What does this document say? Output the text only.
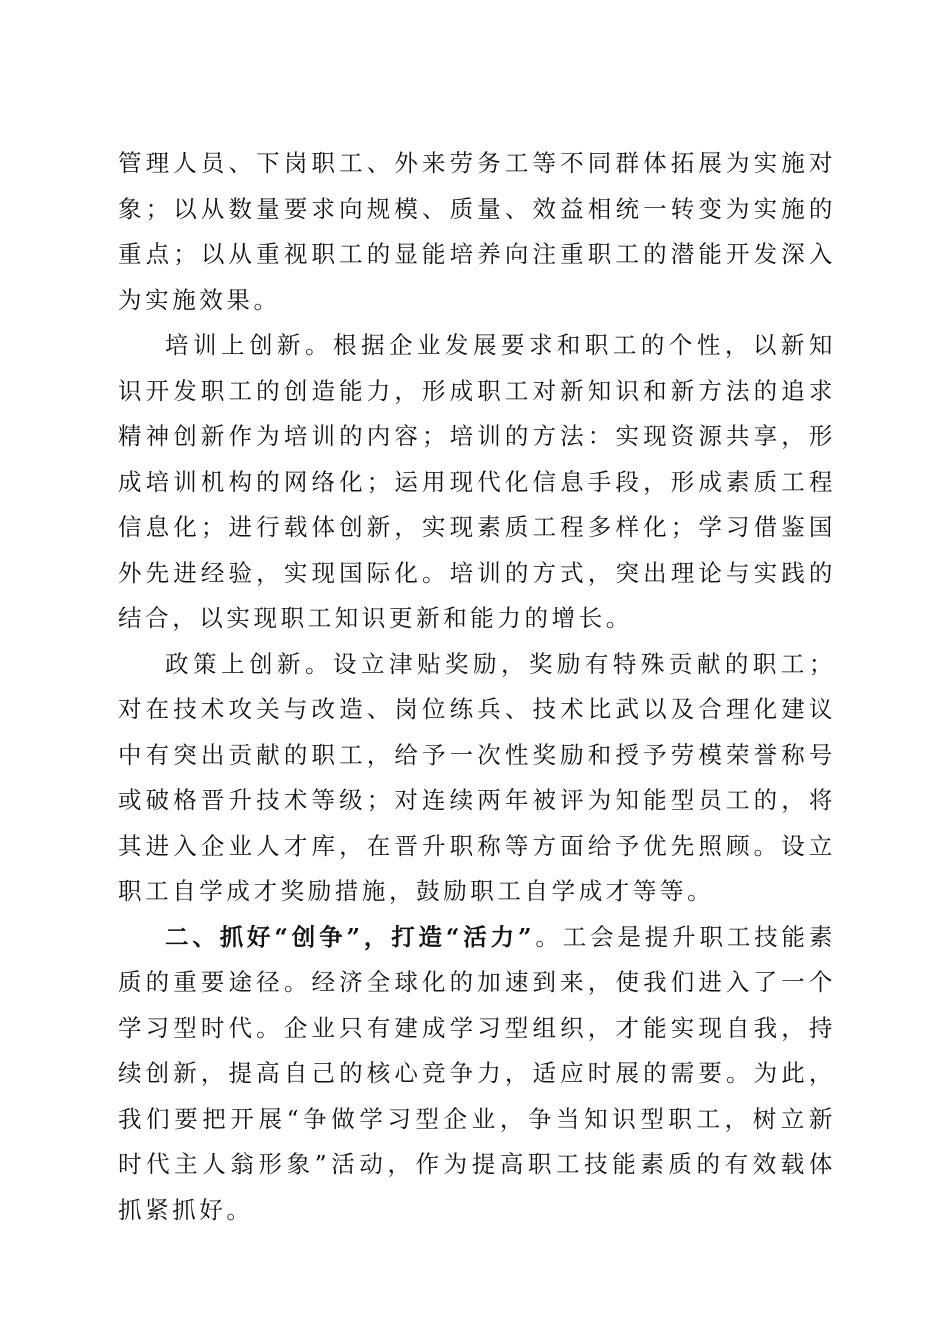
管理人员、下岗职工、外来劳务工等不同群体拓展为实施对象；以从数量要求向规模、质量、效益相统一转变为实施的重点；以从重视职工的显能培养向注重职工的潜能开发深入为实施效果。

培训上创新。根据企业发展要求和职工的个性，以新知识开发职工的创造能力，形成职工对新知识和新方法的追求精神创新作为培训的内容；培训的方法：实现资源共享，形成培训机构的网络化；运用现代化信息手段，形成素质工程信息化；进行载体创新，实现素质工程多样化；学习借鉴国外先进经验，实现国际化。培训的方式，突出理论与实践的结合，以实现职工知识更新和能力的增长。

政策上创新。设立津贴奖励，奖励有特殊贡献的职工；对在技术攻关与改造、岗位练兵、技术比武以及合理化建议中有突出贡献的职工，给予一次性奖励和授予劳模荣誉称号或破格晋升技术等级；对连续两年被评为知能型员工的，将其进入企业人才库，在晋升职称等方面给予优先照顾。设立职工自学成才奖励措施，鼓励职工自学成才等等。

二、抓好“创争”，打造“活力”。工会是提升职工技能素质的重要途径。经济全球化的加速到来，使我们进入了一个学习型时代。企业只有建成学习型组织，才能实现自我，持续创新，提高自己的核心竞争力，适应时展的需要。为此，我们要把开展“争做学习型企业，争当知识型职工，树立新时代主人翁形象”活动，作为提高职工技能素质的有效载体抓紧抓好。
